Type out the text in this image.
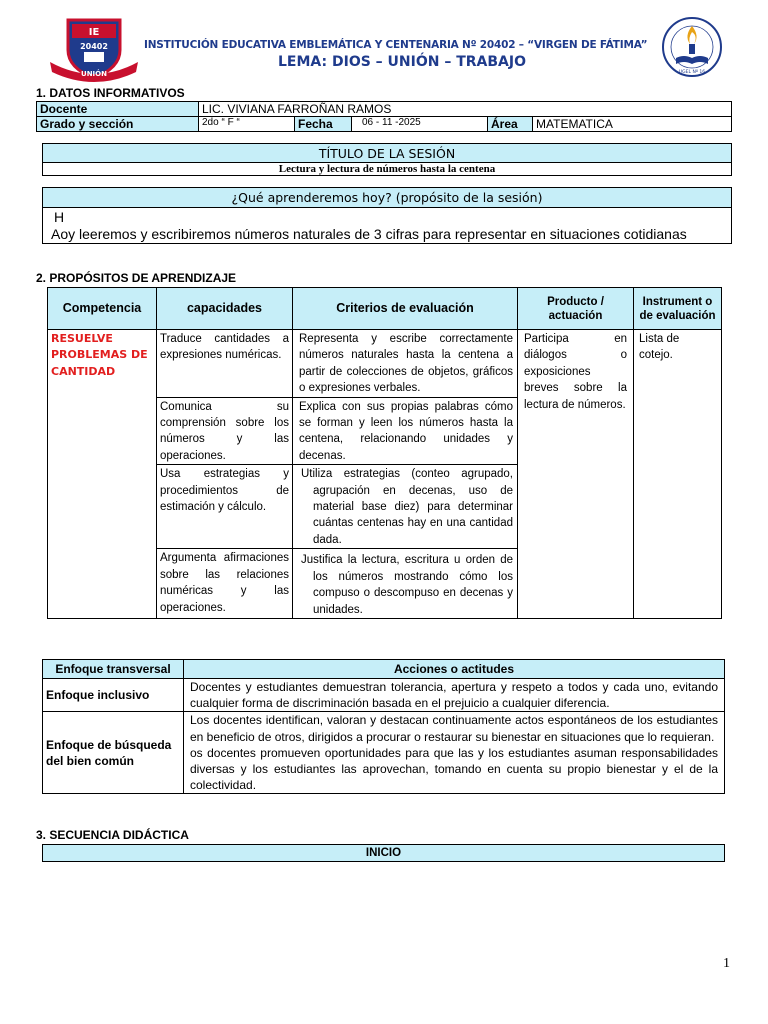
IE
20402
UNIÓN
INSTITUCIÓN EDUCATIVA EMBLEMÁTICA Y CENTENARIA Nº 20402 – “VIRGEN DE FÁTIMA”
LEMA: DIOS – UNIÓN – TRABAJO
UGEL Nº 16
1. DATOS INFORMATIVOS
Docente	LIC. VIVIANA FARROÑAN RAMOS				
Grado y sección	2do “ F “	Fecha	06 - 11 -2025	Área	MATEMATICA
TÍTULO DE LA SESIÓN
Lectura y lectura de números hasta la centena
¿Qué aprenderemos hoy? (propósito de la sesión)

H
Aoy leeremos y escribiremos números naturales de 3 cifras para representar en situaciones cotidianas
2. PROPÓSITOS DE APRENDIZAJE
Competencia	capacidades	Criterios de evaluación	Producto / actuación	Instrument o de evaluación
RESUELVE PROBLEMAS DE CANTIDAD	Traduce cantidades a expresiones numéricas.	Representa y escribe correctamente números naturales hasta la centena a partir de colecciones de objetos, gráficos o expresiones verbales.	Participa en diálogos o exposiciones breves sobre la lectura de números.	Lista de cotejo.
	Comunica su comprensión sobre los números y las operaciones.	Explica con sus propias palabras cómo se forman y leen los números hasta la centena, relacionando unidades y decenas.		
	Usa estrategias y procedimientos de estimación y cálculo.	Utiliza estrategias (conteo agrupado, agrupación en decenas, uso de material base diez) para determinar cuántas centenas hay en una cantidad dada.		

	Argumenta afirmaciones sobre las relaciones numéricas y las operaciones.	Justifica la lectura, escritura u orden de los números mostrando cómo los compuso o descompuso en decenas y unidades.		
Enfoque transversal	Acciones o actitudes
Enfoque inclusivo	Docentes y estudiantes demuestran tolerancia, apertura y respeto a todos y cada uno, evitando cualquier forma de discriminación basada en el prejuicio a cualquier diferencia.
Enfoque de búsqueda del bien común	Los docentes identifican, valoran y destacan continuamente actos espontáneos de los estudiantes en beneficio de otros, dirigidos a procurar o restaurar su bienestar en situaciones que lo requieran.
os docentes promueven oportunidades para que las y los estudiantes asuman responsabilidades diversas y los estudiantes las aprovechan, tomando en cuenta su propio bienestar y el de la colectividad.
3. SECUENCIA DIDÁCTICA
INICIO
1
